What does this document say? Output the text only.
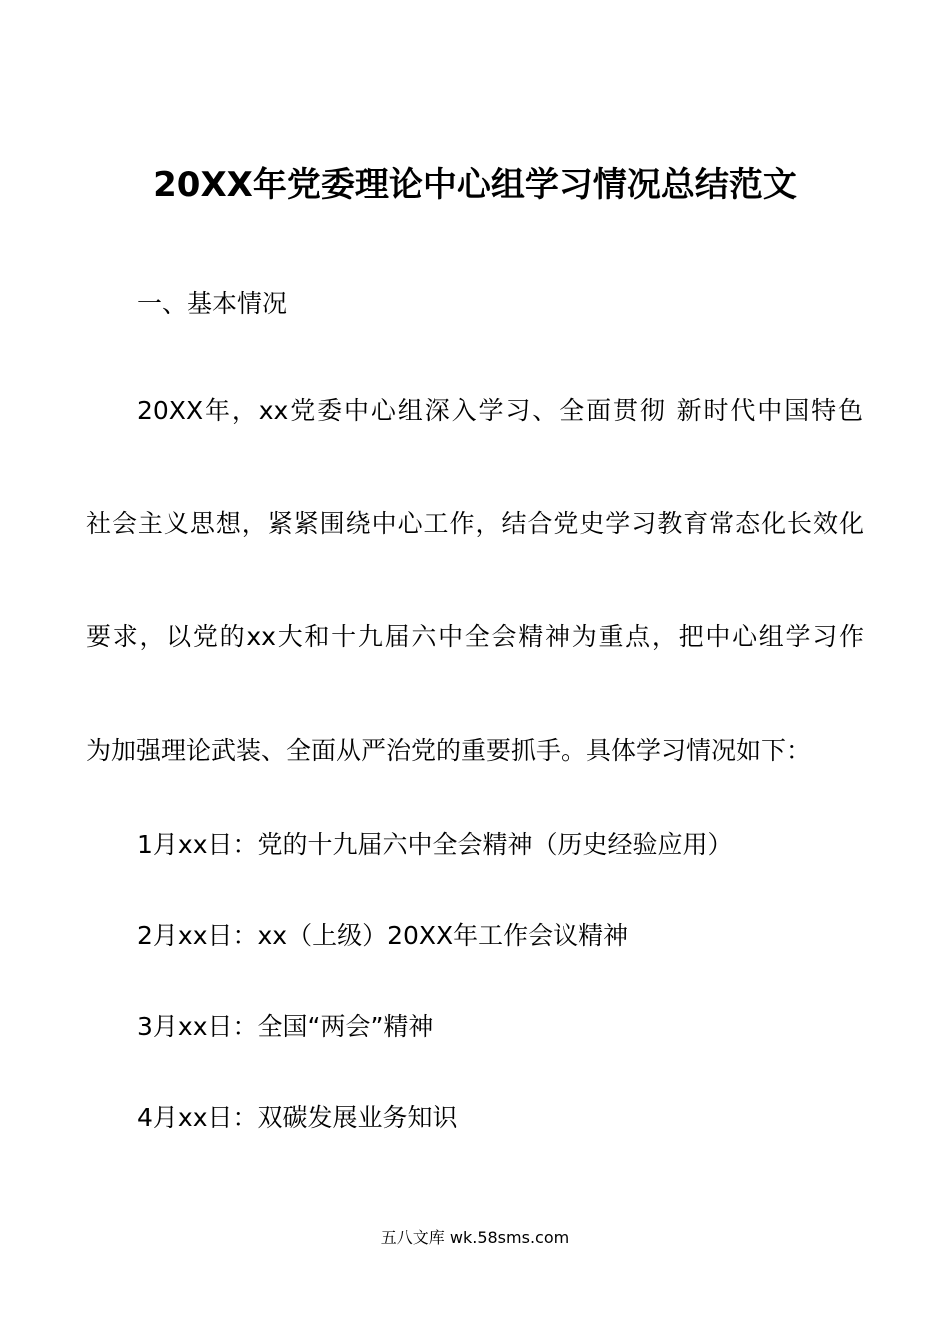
20XX年党委理论中心组学习情况总结范文
一、基本情况
20XX年，xx党委中心组深入学习、全面贯彻 新时代中国特色
社会主义思想，紧紧围绕中心工作，结合党史学习教育常态化长效化
要求，以党的xx大和十九届六中全会精神为重点，把中心组学习作
为加强理论武装、全面从严治党的重要抓手。具体学习情况如下：
1月xx日：党的十九届六中全会精神（历史经验应用）
2月xx日：xx（上级）20XX年工作会议精神
3月xx日：全国“两会”精神
4月xx日：双碳发展业务知识
五八文库 wk.58sms.com
